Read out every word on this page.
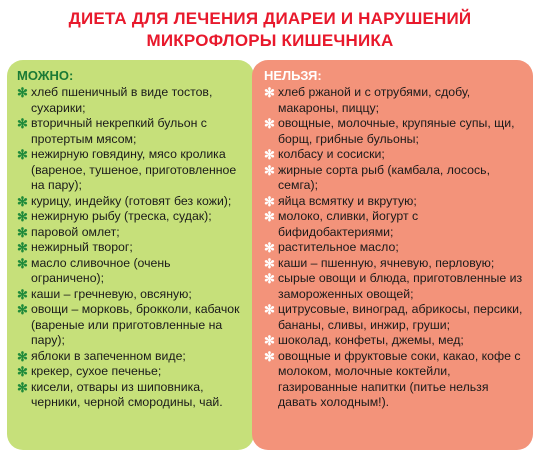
ДИЕТА ДЛЯ ЛЕЧЕНИЯ ДИАРЕИ И НАРУШЕНИЙ
МИКРОФЛОРЫ КИШЕЧНИКА
МОЖНО:
✻ хлеб пшеничный в виде тостов, сухарики;
✻ вторичный некрепкий бульон с протертым мясом;
✻ нежирную говядину, мясо кролика (вареное, тушеное, приготовленное на пару);
✻ курицу, индейку (готовят без кожи);
✻ нежирную рыбу (треска, судак);
✻ паровой омлет;
✻ нежирный творог;
✻ масло сливочное (очень ограничено);
✻ каши – гречневую, овсяную;
✻ овощи – морковь, брокколи, кабачок (вареные или приготовленные на пару);
✻ яблоки в запеченном виде;
✻ крекер, сухое печенье;
✻ кисели, отвары из шиповника, черники, черной смородины, чай.
НЕЛЬЗЯ:
✻ хлеб ржаной и с отрубями, сдобу, макароны, пиццу;
✻ овощные, молочные, крупяные супы, щи, борщ, грибные бульоны;
✻ колбасу и сосиски;
✻ жирные сорта рыб (камбала, лосось, семга);
✻ яйца всмятку и вкрутую;
✻ молоко, сливки, йогурт с бифидобактериями;
✻ растительное масло;
✻ каши – пшенную, ячневую, перловую;
✻ сырые овощи и блюда, приготовленные из замороженных овощей;
✻ цитрусовые, виноград, абрикосы, персики, бананы, сливы, инжир, груши;
✻ шоколад, конфеты, джемы, мед;
✻ овощные и фруктовые соки, какао, кофе с молоком, молочные коктейли, газированные напитки (питье нельзя давать холодным!).
